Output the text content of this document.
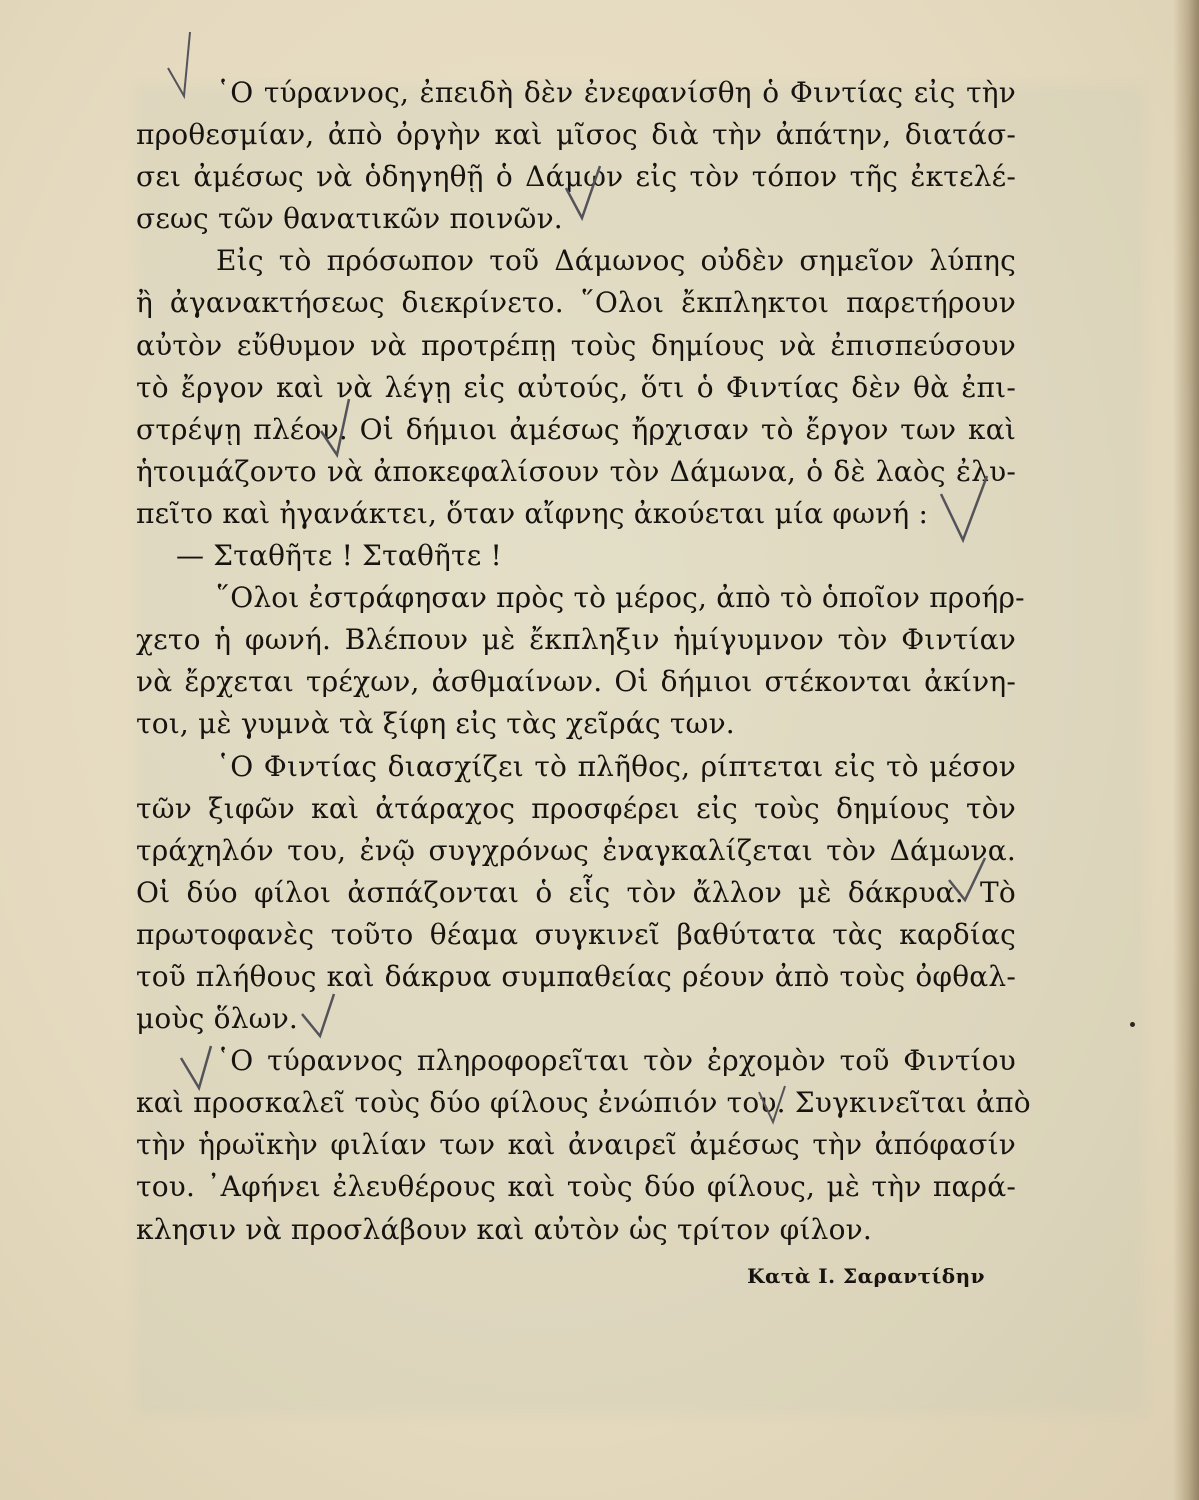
῾Ο τύραννος, ἐπειδὴ δὲν ἐνεφανίσθη ὁ Φιντίας εἰς τὴν
προθεσμίαν, ἀπὸ ὀργὴν καὶ μῖσος διὰ τὴν ἀπάτην, διατάσ-
σει ἀμέσως νὰ ὁδηγηθῇ ὁ Δάμων εἰς τὸν τόπον τῆς ἐκτελέ-
σεως τῶν θανατικῶν ποινῶν.
Εἰς τὸ πρόσωπον τοῦ Δάμωνος οὐδὲν σημεῖον λύπης
ἢ ἀγανακτήσεως διεκρίνετο. ῞Ολοι ἔκπληκτοι παρετήρουν
αὐτὸν εὔθυμον νὰ προτρέπῃ τοὺς δημίους νὰ ἐπισπεύσουν
τὸ ἔργον καὶ νὰ λέγῃ εἰς αὐτούς, ὅτι ὁ Φιντίας δὲν θὰ ἐπι-
στρέψῃ πλέον. Οἱ δήμιοι ἀμέσως ἤρχισαν τὸ ἔργον των καὶ
ἡτοιμάζοντο νὰ ἀποκεφαλίσουν τὸν Δάμωνα, ὁ δὲ λαὸς ἐλυ-
πεῖτο καὶ ἠγανάκτει, ὅταν αἴφνης ἀκούεται μία φωνή :
— Σταθῆτε ! Σταθῆτε !
῞Ολοι ἐστράφησαν πρὸς τὸ μέρος, ἀπὸ τὸ ὁποῖον προήρ-
χετο ἡ φωνή. Βλέπουν μὲ ἔκπληξιν ἡμίγυμνον τὸν Φιντίαν
νὰ ἔρχεται τρέχων, ἀσθμαίνων. Οἱ δήμιοι στέκονται ἀκίνη-
τοι, μὲ γυμνὰ τὰ ξίφη εἰς τὰς χεῖράς των.
῾Ο Φιντίας διασχίζει τὸ πλῆθος, ρίπτεται εἰς τὸ μέσον
τῶν ξιφῶν καὶ ἀτάραχος προσφέρει εἰς τοὺς δημίους τὸν
τράχηλόν του, ἐνῷ συγχρόνως ἐναγκαλίζεται τὸν Δάμωνα.
Οἱ δύο φίλοι ἀσπάζονται ὁ εἷς τὸν ἄλλον μὲ δάκρυα. Τὸ
πρωτοφανὲς τοῦτο θέαμα συγκινεῖ βαθύτατα τὰς καρδίας
τοῦ πλήθους καὶ δάκρυα συμπαθείας ρέουν ἀπὸ τοὺς ὀφθαλ-
μοὺς ὅλων.
῾Ο τύραννος πληροφορεῖται τὸν ἐρχομὸν τοῦ Φιντίου
καὶ προσκαλεῖ τοὺς δύο φίλους ἐνώπιόν του. Συγκινεῖται ἀπὸ
τὴν ἡρωϊκὴν φιλίαν των καὶ ἀναιρεῖ ἀμέσως τὴν ἀπόφασίν
του. ᾿Αφήνει ἐλευθέρους καὶ τοὺς δύο φίλους, μὲ τὴν παρά-
κλησιν νὰ προσλάβουν καὶ αὐτὸν ὡς τρίτον φίλον.
Κατὰ Ι. Σαραντίδην
